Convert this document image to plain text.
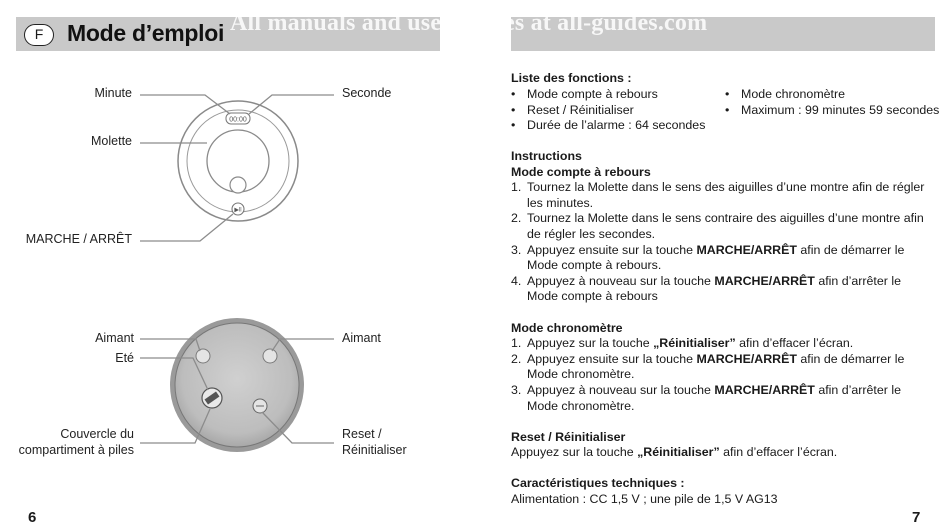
F	Mode d’emploi All manuals and user guides at all-guides.com
00:00
▶ll
Minute	Seconde
Molette
MARCHE / ARRÊT
Aimant
Eté
Aimant
Couvercle du
compartiment à piles
Reset /
Réinitialiser
6	7
Liste des fonctions :
• Mode compte à rebours
• Reset / Réinitialiser
• Durée de l’alarme : 64 secondes
• Mode chronomètre
• Maximum : 99 minutes 59 secondes
Instructions
Mode compte à rebours
1. Tournez la Molette dans le sens des aiguilles d’une montre afin de régler les minutes.
2. Tournez la Molette dans le sens contraire des aiguilles d’une montre afin de régler les secondes.
3. Appuyez ensuite sur la touche MARCHE/ARRÊT afin de démarrer le Mode compte à rebours.
4. Appuyez à nouveau sur la touche MARCHE/ARRÊT afin d’arrêter le Mode compte à rebours
Mode chronomètre
1. Appuyez sur la touche „Réinitialiser” afin d’effacer l’écran.
2. Appuyez ensuite sur la touche MARCHE/ARRÊT afin de démarrer le Mode chronomètre.
3. Appuyez à nouveau sur la touche MARCHE/ARRÊT afin d’arrêter le Mode chronomètre.
Reset / Réinitialiser
Appuyez sur la touche „Réinitialiser” afin d’effacer l’écran.
Caractéristiques techniques :
Alimentation : CC 1,5 V ; une pile de 1,5 V AG13
